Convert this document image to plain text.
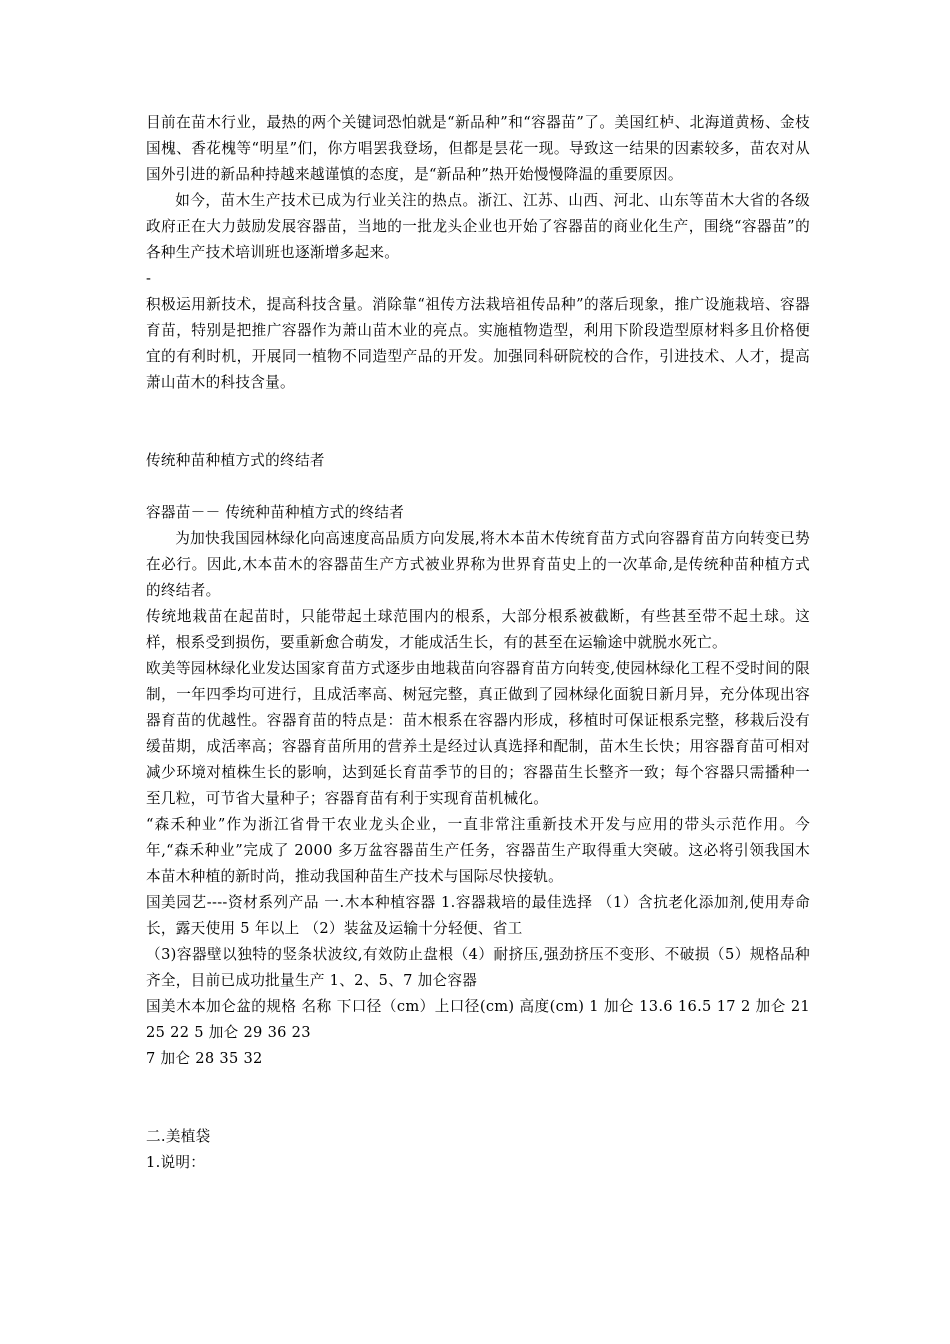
目前在苗木行业，最热的两个关键词恐怕就是“新品种”和“容器苗”了。美国红栌、北海道黄杨、金枝国槐、香花槐等“明星”们，你方唱罢我登场，但都是昙花一现。导致这一结果的因素较多，苗农对从国外引进的新品种持越来越谨慎的态度，是“新品种”热开始慢慢降温的重要原因。

如今，苗木生产技术已成为行业关注的热点。浙江、江苏、山西、河北、山东等苗木大省的各级政府正在大力鼓励发展容器苗，当地的一批龙头企业也开始了容器苗的商业化生产，围绕“容器苗”的各种生产技术培训班也逐渐增多起来。

-

积极运用新技术，提高科技含量。消除靠“祖传方法栽培祖传品种”的落后现象，推广设施栽培、容器育苗，特别是把推广容器作为萧山苗木业的亮点。实施植物造型，利用下阶段造型原材料多且价格便宜的有利时机，开展同一植物不同造型产品的开发。加强同科研院校的合作，引进技术、人才，提高萧山苗木的科技含量。

传统种苗种植方式的终结者

容器苗－－ 传统种苗种植方式的终结者

为加快我国园林绿化向高速度高品质方向发展,将木本苗木传统育苗方式向容器育苗方向转变已势在必行。因此,木本苗木的容器苗生产方式被业界称为世界育苗史上的一次革命,是传统种苗种植方式的终结者。

传统地栽苗在起苗时，只能带起土球范围内的根系，大部分根系被截断，有些甚至带不起土球。这样，根系受到损伤，要重新愈合萌发，才能成活生长，有的甚至在运输途中就脱水死亡。

欧美等园林绿化业发达国家育苗方式逐步由地栽苗向容器育苗方向转变,使园林绿化工程不受时间的限制，一年四季均可进行，且成活率高、树冠完整，真正做到了园林绿化面貌日新月异，充分体现出容器育苗的优越性。容器育苗的特点是：苗木根系在容器内形成，移植时可保证根系完整，移栽后没有缓苗期，成活率高；容器育苗所用的营养土是经过认真选择和配制，苗木生长快；用容器育苗可相对减少环境对植株生长的影响，达到延长育苗季节的目的；容器苗生长整齐一致；每个容器只需播种一至几粒，可节省大量种子；容器育苗有利于实现育苗机械化。

“森禾种业”作为浙江省骨干农业龙头企业，一直非常注重新技术开发与应用的带头示范作用。今年,“森禾种业”完成了 2000 多万盆容器苗生产任务，容器苗生产取得重大突破。这必将引领我国木本苗木种植的新时尚，推动我国种苗生产技术与国际尽快接轨。

国美园艺----资材系列产品 一.木本种植容器 1.容器栽培的最佳选择 （1）含抗老化添加剂,使用寿命长，露天使用 5 年以上 （2）装盆及运输十分轻便、省工

（3)容器壁以独特的竖条状波纹,有效防止盘根（4）耐挤压,强劲挤压不变形、不破损（5）规格品种齐全，目前已成功批量生产 1、2、5、7 加仑容器

国美木本加仑盆的规格 名称 下口径（cm）上口径(cm) 高度(cm) 1 加仑 13.6 16.5 17 2 加仑 21 25 22 5 加仑 29 36 23

7 加仑 28 35 32

二.美植袋

1.说明：
